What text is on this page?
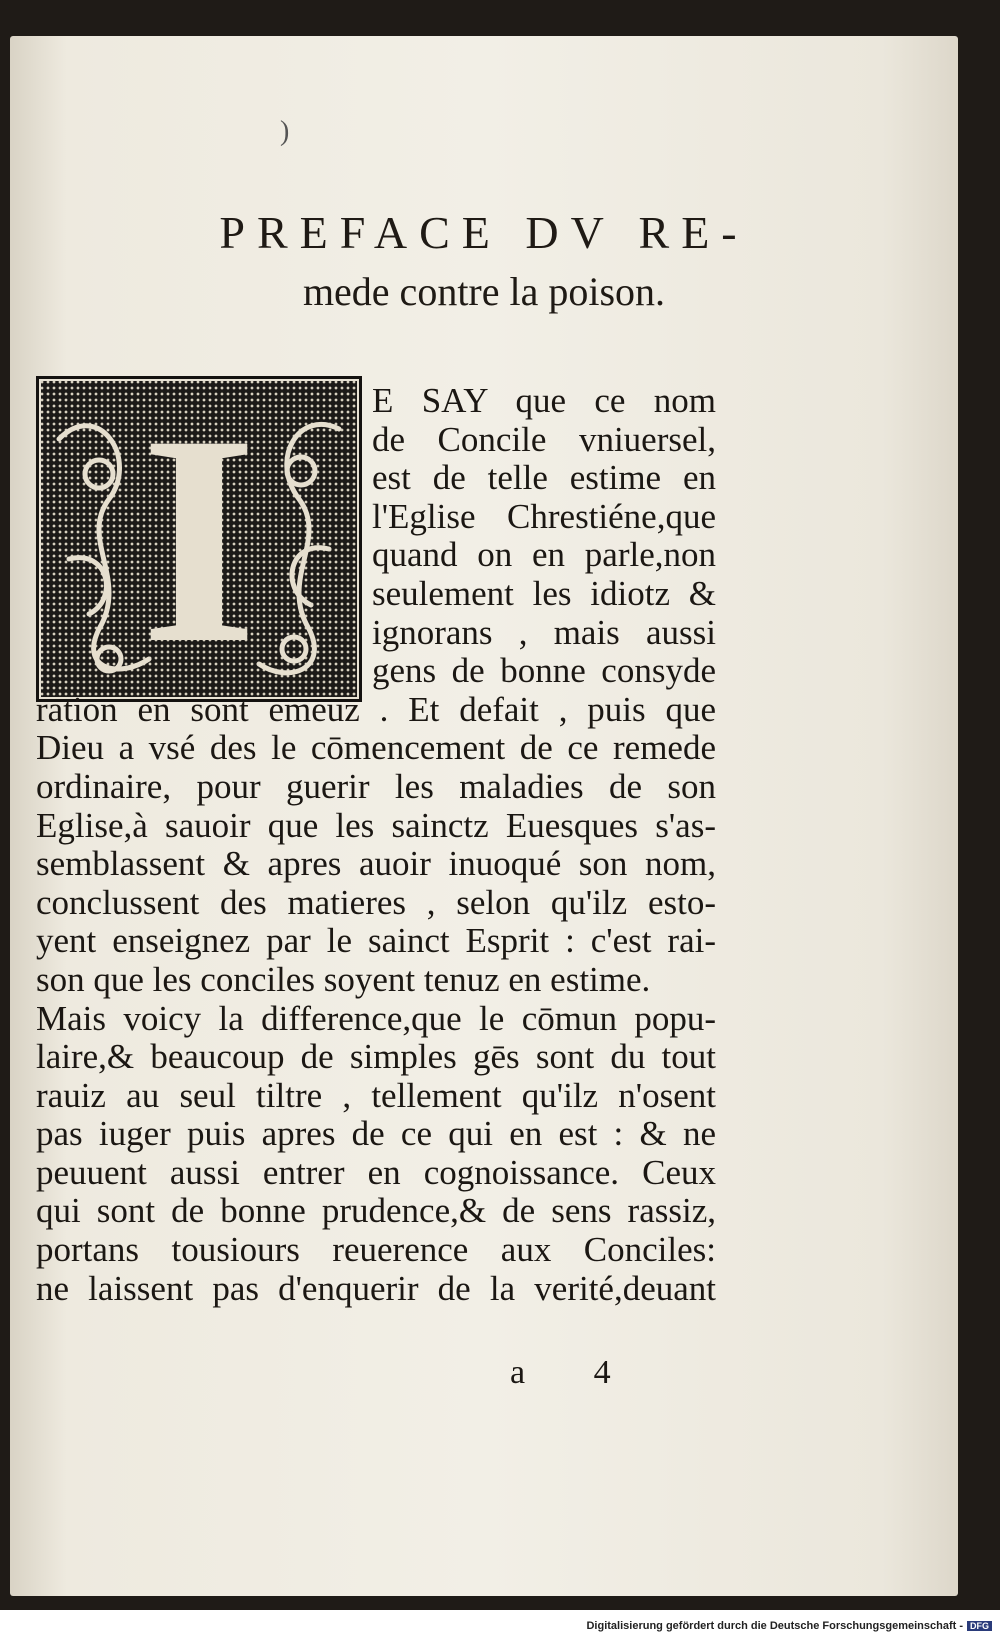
)
PREFACE DV RE-
mede contre la poison.
I	E SAY que ce nom
de Concile vniuersel,
est de telle estime en
l'Eglise Chrestiéne,que
quand on en parle,non
seulement les idiotz &
ignorans , mais aussi
gens de bonne consyde
ration en sont emeuz . Et defait , puis que
Dieu a vsé des le cōmencement de ce remede
ordinaire, pour guerir les maladies de son
Eglise,à sauoir que les sainctz Euesques s'as-
semblassent & apres auoir inuoqué son nom,
conclussent des matieres , selon qu'ilz esto-
yent enseignez par le sainct Esprit : c'est rai-
son que les conciles soyent tenuz en estime.
Mais voicy la difference,que le cōmun popu-
laire,& beaucoup de simples gēs sont du tout
rauiz au seul tiltre , tellement qu'ilz n'osent
pas iuger puis apres de ce qui en est : & ne
peuuent aussi entrer en cognoissance. Ceux
qui sont de bonne prudence,& de sens rassiz,
portans tousiours reuerence aux Conciles:
ne laissent pas d'enquerir de la verité,deuant
a 4
Digitalisierung gefördert durch die Deutsche Forschungsgemeinschaft - DFG
